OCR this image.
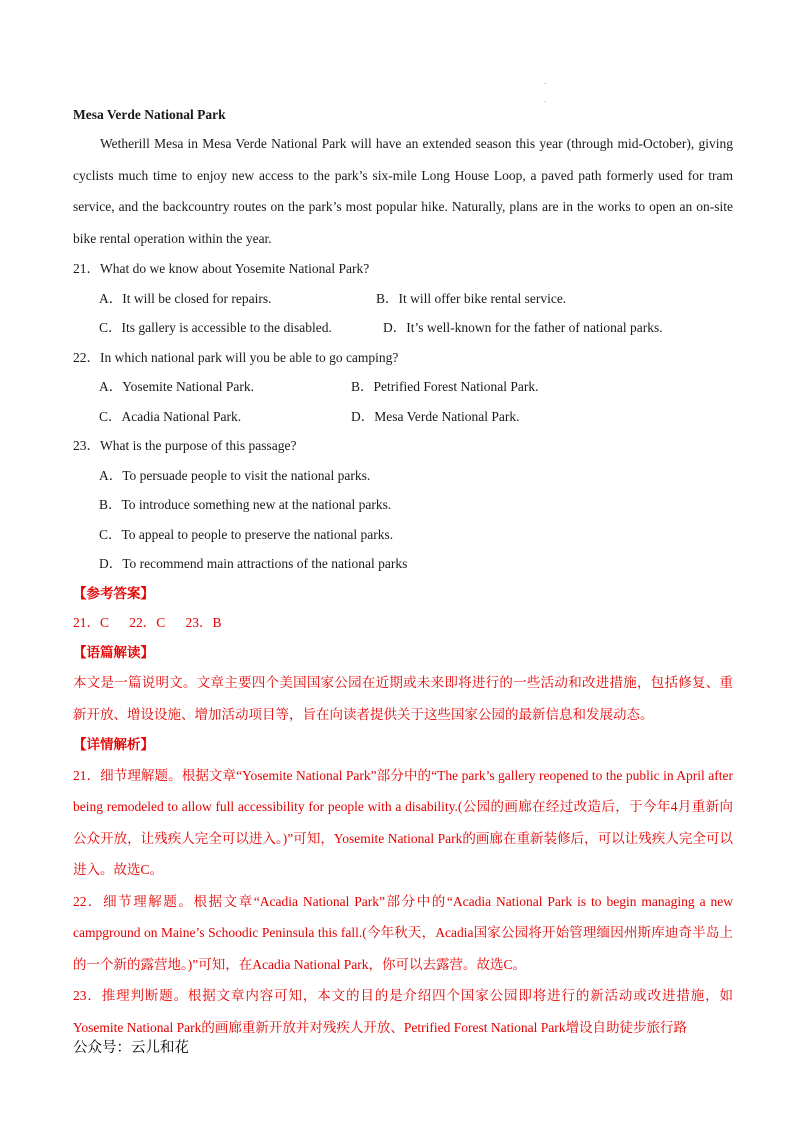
.
.
Mesa Verde National Park
Wetherill Mesa in Mesa Verde National Park will have an extended season this year (through mid-October), giving cyclists much time to enjoy new access to the park’s six-mile Long House Loop, a paved path formerly used for tram service, and the backcountry routes on the park’s most popular hike. Naturally, plans are in the works to open an on-site bike rental operation within the year.
21．What do we know about Yosemite National Park?
A．It will be closed for repairs.	B．It will offer bike rental service.
C．Its gallery is accessible to the disabled.	D．It’s well-known for the father of national parks.
22．In which national park will you be able to go camping?
A．Yosemite National Park.	B．Petrified Forest National Park.
C．Acadia National Park.	D．Mesa Verde National Park.
23．What is the purpose of this passage?
A．To persuade people to visit the national parks.
B．To introduce something new at the national parks.
C．To appeal to people to preserve the national parks.
D．To recommend main attractions of the national parks
【参考答案】
21．C      22．C      23．B
【语篇解读】
本文是一篇说明文。文章主要四个美国国家公园在近期或未来即将进行的一些活动和改进措施，包括修复、重新开放、增设设施、增加活动项目等，旨在向读者提供关于这些国家公园的最新信息和发展动态。
【详情解析】
21．细节理解题。根据文章“Yosemite National Park”部分中的“The park’s gallery reopened to the public in April after being remodeled to allow full accessibility for people with a disability.(公园的画廊在经过改造后，于今年4月重新向公众开放，让残疾人完全可以进入。)”可知，Yosemite National Park的画廊在重新装修后，可以让残疾人完全可以进入。故选C。
22．细节理解题。根据文章“Acadia National Park”部分中的“Acadia National Park is to begin managing a new campground on Maine’s Schoodic Peninsula this fall.(今年秋天，Acadia国家公园将开始管理缅因州斯库迪奇半岛上的一个新的露营地。)”可知，在Acadia National Park，你可以去露营。故选C。
23．推理判断题。根据文章内容可知，本文的目的是介绍四个国家公园即将进行的新活动或改进措施，如Yosemite National Park的画廊重新开放并对残疾人开放、Petrified Forest National Park增设自助徒步旅行路
公众号：云儿和花
